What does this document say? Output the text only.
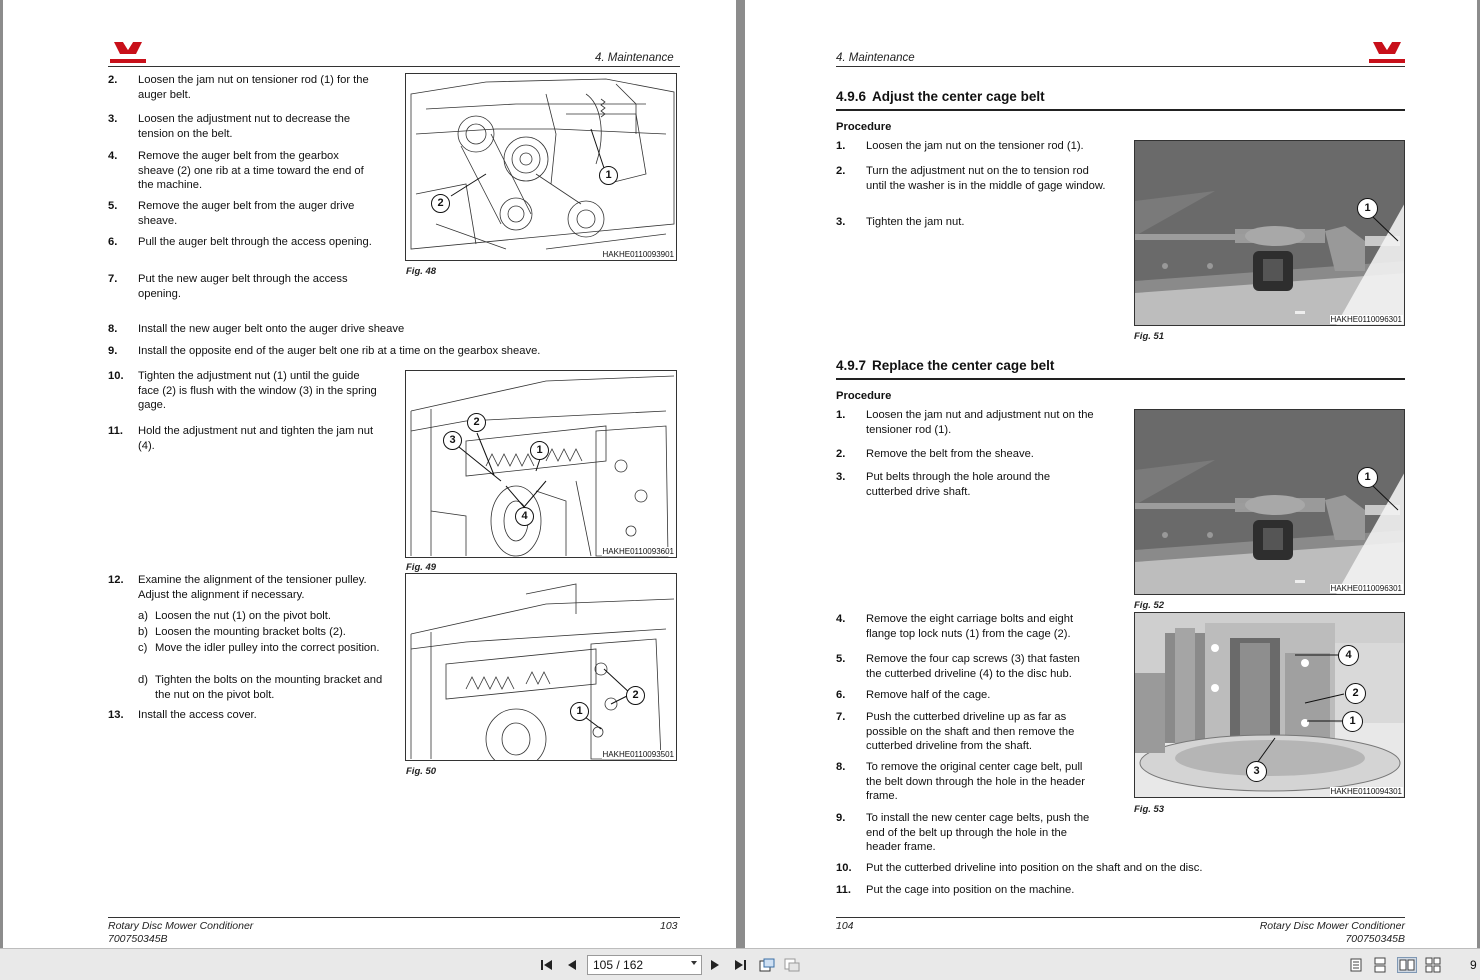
4. Maintenance
2. Loosen the jam nut on tensioner rod (1) for the auger belt.
3. Loosen the adjustment nut to decrease the tension on the belt.
4. Remove the auger belt from the gearbox sheave (2) one rib at a time toward the end of the machine.
5. Remove the auger belt from the auger drive sheave.
6. Pull the auger belt through the access opening.
7. Put the new auger belt through the access opening.
8. Install the new auger belt onto the auger drive sheave
9. Install the opposite end of the auger belt one rib at a time on the gearbox sheave.
10. Tighten the adjustment nut (1) until the guide face (2) is flush with the window (3) in the spring gage.
11. Hold the adjustment nut and tighten the jam nut (4).
12. Examine the alignment of the tensioner pulley. Adjust the alignment if necessary.
a) Loosen the nut (1) on the pivot bolt.
b) Loosen the mounting bracket bolts (2).
c) Move the idler pulley into the correct position.
d) Tighten the bolts on the mounting bracket and the nut on the pivot bolt.
13. Install the access cover.
1
2
HAKHE0110093901
Fig. 48
1
2
3
4
HAKHE0110093601
Fig. 49
1
2
HAKHE0110093501
Fig. 50
Rotary Disc Mower Conditioner
700750345B
103
4. Maintenance
4.9.6 Adjust the center cage belt
Procedure
1. Loosen the jam nut on the tensioner rod (1).
2. Turn the adjustment nut on the to tension rod until the washer is in the middle of gage window.
3. Tighten the jam nut.
1
HAKHE0110096301
Fig. 51
4.9.7 Replace the center cage belt
Procedure
1. Loosen the jam nut and adjustment nut on the tensioner rod (1).
2. Remove the belt from the sheave.
3. Put belts through the hole around the cutterbed drive shaft.
1
HAKHE0110096301
Fig. 52
4. Remove the eight carriage bolts and eight flange top lock nuts (1) from the cage (2).
5. Remove the four cap screws (3) that fasten the cutterbed driveline (4) to the disc hub.
6. Remove half of the cage.
7. Push the cutterbed driveline up as far as possible on the shaft and then remove the cutterbed driveline from the shaft.
8. To remove the original center cage belt, pull the belt down through the hole in the header frame.
9. To install the new center cage belts, push the end of the belt up through the hole in the header frame.
4
2
1
3
HAKHE0110094301
Fig. 53
10. Put the cutterbed driveline into position on the shaft and on the disc.
11. Put the cage into position on the machine.
104	Rotary Disc Mower Conditioner
700750345B
105 / 162	9
